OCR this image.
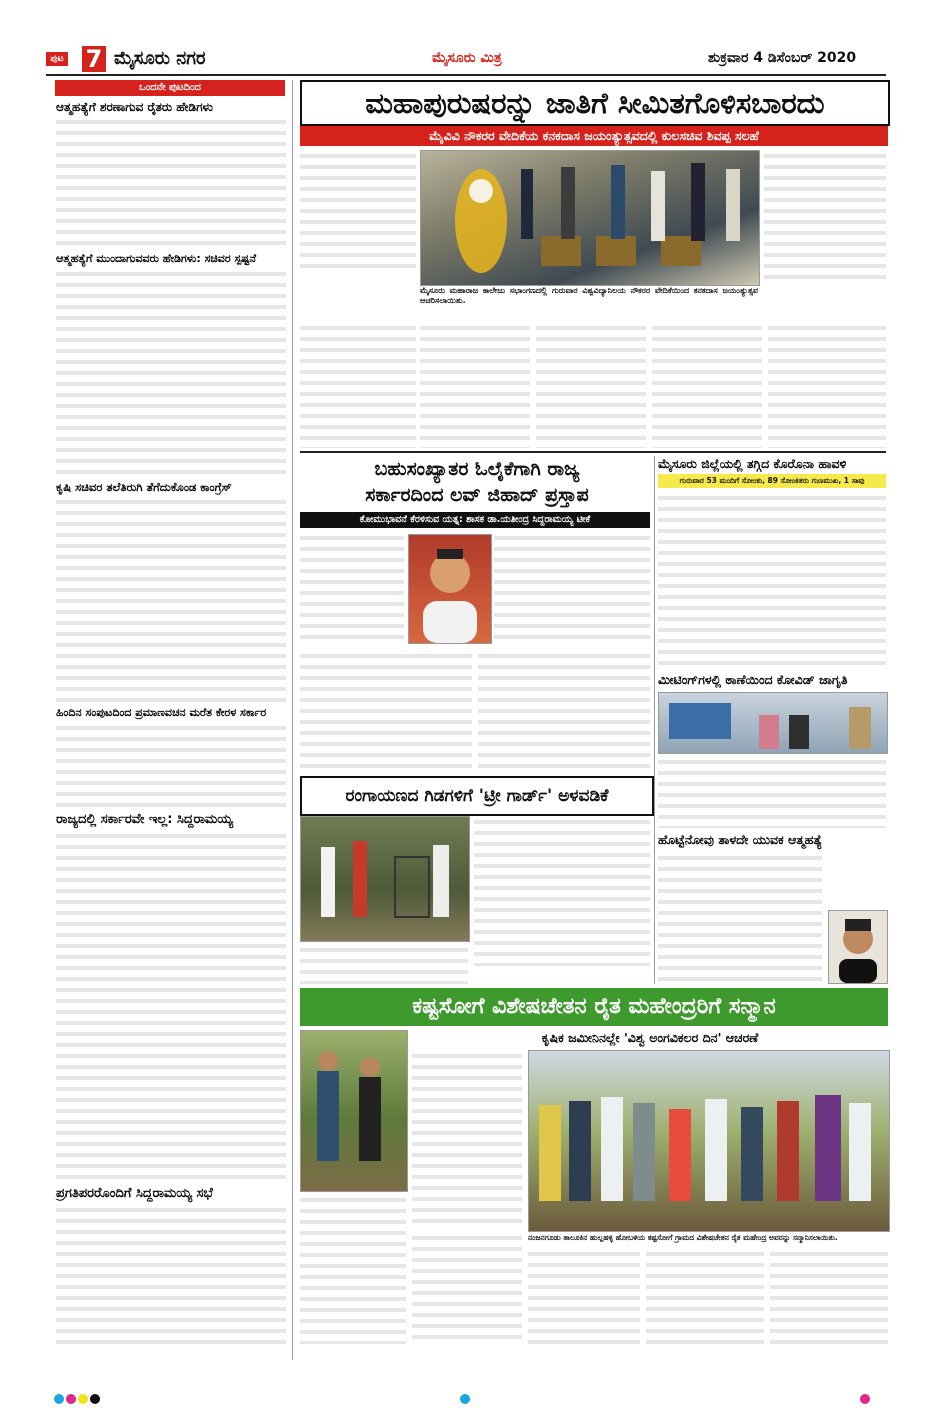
ಪುಟ 7 ಮೈಸೂರು ನಗರ	ಮೈಸೂರು ಮಿತ್ರ	ಶುಕ್ರವಾರ 4 ಡಿಸೆಂಬರ್ 2020
ಒಂದನೇ ಪುಟದಿಂದ
ಆತ್ಮಹತ್ಯೆಗೆ ಶರಣಾಗುವ ರೈತರು ಹೇಡಿಗಳು
ಆತ್ಮಹತ್ಯೆಗೆ ಮುಂದಾಗುವವರು ಹೇಡಿಗಳು: ಸಚಿವರ ಸ್ಪಷ್ಟನೆ
ಕೃಷಿ ಸಚಿವರ ತಲೆತಿರುಗಿ ತೆಗೆದುಕೊಂಡ ಕಾಂಗ್ರೆಸ್
ಹಿಂದಿನ ಸಂಪುಟದಿಂದ ಪ್ರಮಾಣವಚನ ಮರೆತ ಕೇರಳ ಸರ್ಕಾರ
ರಾಜ್ಯದಲ್ಲಿ ಸರ್ಕಾರವೇ ಇಲ್ಲ: ಸಿದ್ದರಾಮಯ್ಯ
ಪ್ರಗತಿಪರರೊಂದಿಗೆ ಸಿದ್ದರಾಮಯ್ಯ ಸಭೆ
ಮಹಾಪುರುಷರನ್ನು ಜಾತಿಗೆ ಸೀಮಿತಗೊಳಿಸಬಾರದು
ಮೈವಿವಿ ನೌಕರರ ವೇದಿಕೆಯ ಕನಕದಾಸ ಜಯಂತ್ಯುತ್ಸವದಲ್ಲಿ ಕುಲಸಚಿವ ಶಿವಪ್ಪ ಸಲಹೆ
ಮೈಸೂರು ಮಹಾರಾಜ ಕಾಲೇಜು ಸಭಾಂಗಣದಲ್ಲಿ ಗುರುವಾರ ವಿಶ್ವವಿದ್ಯಾನಿಲಯ ನೌಕರರ ವೇದಿಕೆಯಿಂದ ಕನಕದಾಸ ಜಯಂತ್ಯುತ್ಸವ ಆಚರಿಸಲಾಯಿತು.
ಬಹುಸಂಖ್ಯಾತರ ಓಲೈಕೆಗಾಗಿ ರಾಜ್ಯ
ಸರ್ಕಾರದಿಂದ ಲವ್ ಜಿಹಾದ್ ಪ್ರಸ್ತಾಪ
ಕೋಮುಭಾವನೆ ಕೆರಳಿಸುವ ಯತ್ನ: ಶಾಸಕ ಡಾ.ಯತೀಂದ್ರ ಸಿದ್ದರಾಮಯ್ಯ ಟೀಕೆ
ರಂಗಾಯಣದ ಗಿಡಗಳಿಗೆ 'ಟ್ರೀ ಗಾರ್ಡ್' ಅಳವಡಿಕೆ
ಮೈಸೂರು ಜಿಲ್ಲೆಯಲ್ಲಿ ತಗ್ಗಿದ ಕೊರೊನಾ ಹಾವಳಿ
ಗುರುವಾರ 53 ಮಂದಿಗೆ ಸೋಂಕು, 89 ಸೋಂಕಿತರು ಗುಣಮುಖ, 1 ಸಾವು
ಮೀಟಿಂಗ್‌ಗಳಲ್ಲಿ ಠಾಣೆಯಿಂದ ಕೋವಿಡ್ ಜಾಗೃತಿ
ಹೊಟ್ಟೆನೋವು ತಾಳದೇ ಯುವಕ ಆತ್ಮಹತ್ಯೆ
ಕಷ್ಟಸೋಗೆ ವಿಶೇಷಚೇತನ ರೈತ ಮಹೇಂದ್ರರಿಗೆ ಸನ್ಮಾನ
ಕೃಷಿಕ ಜಮೀನಿನಲ್ಲೇ 'ವಿಶ್ವ ಅಂಗವಿಕಲರ ದಿನ' ಆಚರಣೆ
ನಂಜನಗೂಡು ತಾಲೂಕಿನ ಹುಲ್ಲಹಳ್ಳಿ ಹೋಬಳಿಯ ಕಷ್ಟಸೋಗೆ ಗ್ರಾಮದ ವಿಶೇಷಚೇತನ ರೈತ ಮಹೇಂದ್ರ ಅವರನ್ನು ಸನ್ಮಾನಿಸಲಾಯಿತು.
